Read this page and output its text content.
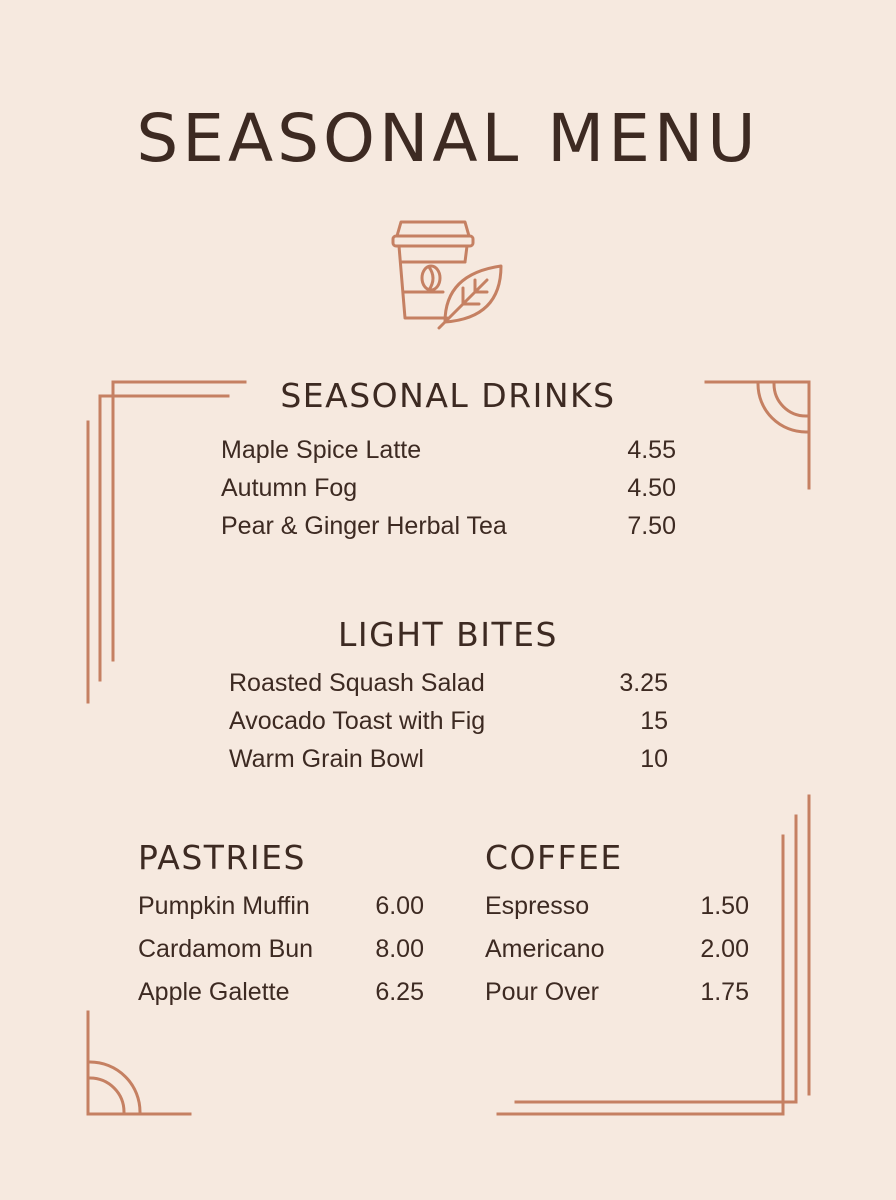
SEASONAL MENU
SEASONAL DRINKS
Maple Spice Latte	4.55
Autumn Fog	4.50
Pear & Ginger Herbal Tea	7.50
LIGHT BITES
Roasted Squash Salad	3.25
Avocado Toast with Fig	15
Warm Grain Bowl	10
PASTRIES
Pumpkin Muffin	6.00
Cardamom Bun 8.00
Apple Galette	6.25
COFFEE
Espresso	1.50
Americano	2.00
Pour Over	1.75
